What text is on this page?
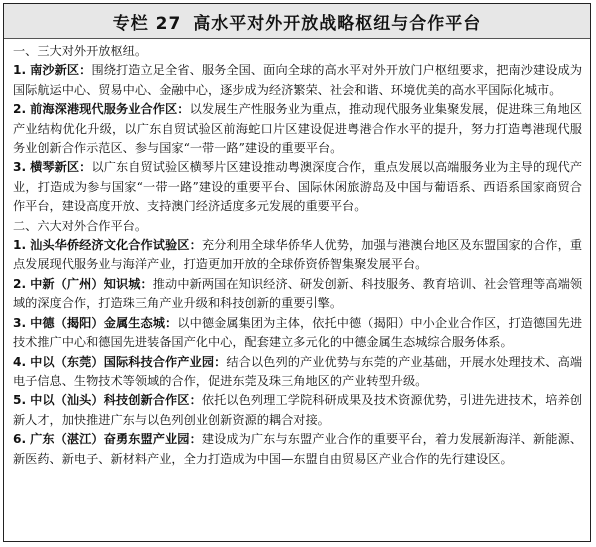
专栏 27 高水平对外开放战略枢纽与合作平台
一、三大对外开放枢纽。
1. 南沙新区：围绕打造立足全省、服务全国、面向全球的高水平对外开放门户枢纽要求，把南沙建设成为国际航运中心、贸易中心、金融中心，逐步成为经济繁荣、社会和谐、环境优美的高水平国际化城市。
2. 前海深港现代服务业合作区：以发展生产性服务业为重点，推动现代服务业集聚发展，促进珠三角地区产业结构优化升级，以广东自贸试验区前海蛇口片区建设促进粤港合作水平的提升，努力打造粤港现代服务业创新合作示范区、参与国家“一带一路”建设的重要平台。
3. 横琴新区：以广东自贸试验区横琴片区建设推动粤澳深度合作，重点发展以高端服务业为主导的现代产业，打造成为参与国家“一带一路”建设的重要平台、国际休闲旅游岛及中国与葡语系、西语系国家商贸合作平台，建设高度开放、支持澳门经济适度多元发展的重要平台。
二、六大对外合作平台。
1. 汕头华侨经济文化合作试验区：充分利用全球华侨华人优势，加强与港澳台地区及东盟国家的合作，重点发展现代服务业与海洋产业，打造更加开放的全球侨资侨智集聚发展平台。
2. 中新（广州）知识城：推动中新两国在知识经济、研发创新、科技服务、教育培训、社会管理等高端领域的深度合作，打造珠三角产业升级和科技创新的重要引擎。
3. 中德（揭阳）金属生态城：以中德金属集团为主体，依托中德（揭阳）中小企业合作区，打造德国先进技术推广中心和德国先进装备国产化中心，配套建立多元化的中德金属生态城综合服务体系。
4. 中以（东莞）国际科技合作产业园：结合以色列的产业优势与东莞的产业基础，开展水处理技术、高端电子信息、生物技术等领域的合作，促进东莞及珠三角地区的产业转型升级。
5. 中以（汕头）科技创新合作区：依托以色列理工学院科研成果及技术资源优势，引进先进技术，培养创新人才，加快推进广东与以色列创业创新资源的耦合对接。
6. 广东（湛江）奋勇东盟产业园：建设成为广东与东盟产业合作的重要平台，着力发展新海洋、新能源、新医药、新电子、新材料产业，全力打造成为中国—东盟自由贸易区产业合作的先行建设区。
